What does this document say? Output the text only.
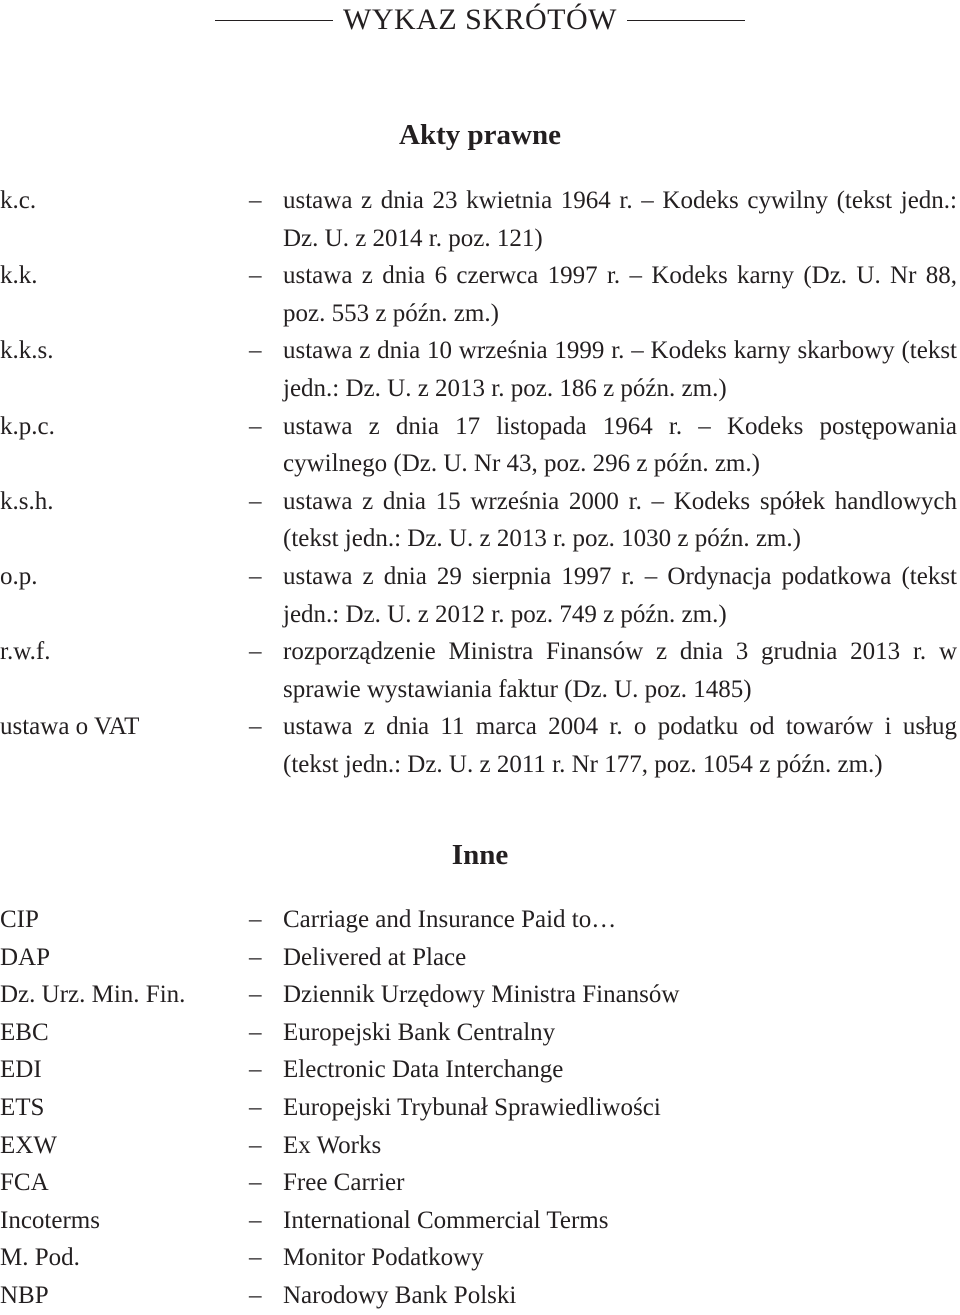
WYKAZ SKRÓTÓW
Akty prawne
k.c.	– ustawa z dnia 23 kwietnia 1964 r. – Kodeks cywilny (tekst jedn.: Dz. U. z 2014 r. poz. 121)
k.k.	– ustawa z dnia 6 czerwca 1997 r. – Kodeks karny (Dz. U. Nr 88, poz. 553 z późn. zm.)
k.k.s.	– ustawa z dnia 10 września 1999 r. – Kodeks karny skarbowy (tekst jedn.: Dz. U. z 2013 r. poz. 186 z późn. zm.)
k.p.c.	– ustawa z dnia 17 listopada 1964 r. – Kodeks postępowania cywilnego (Dz. U. Nr 43, poz. 296 z późn. zm.)
k.s.h.	– ustawa z dnia 15 września 2000 r. – Kodeks spółek handlowych (tekst jedn.: Dz. U. z 2013 r. poz. 1030 z późn. zm.)
o.p.	– ustawa z dnia 29 sierpnia 1997 r. – Ordynacja podatkowa (tekst jedn.: Dz. U. z 2012 r. poz. 749 z późn. zm.)
r.w.f.	– rozporządzenie Ministra Finansów z dnia 3 grudnia 2013 r. w sprawie wystawiania faktur (Dz. U. poz. 1485)
ustawa o VAT	– ustawa z dnia 11 marca 2004 r. o podatku od towarów i usług (tekst jedn.: Dz. U. z 2011 r. Nr 177, poz. 1054 z późn. zm.)
Inne
CIP	– Carriage and Insurance Paid to…
DAP	– Delivered at Place
Dz. Urz. Min. Fin.	– Dziennik Urzędowy Ministra Finansów
EBC	– Europejski Bank Centralny
EDI	– Electronic Data Interchange
ETS	– Europejski Trybunał Sprawiedliwości
EXW	– Ex Works
FCA	– Free Carrier
Incoterms	– International Commercial Terms
M. Pod.	– Monitor Podatkowy
NBP	– Narodowy Bank Polski
